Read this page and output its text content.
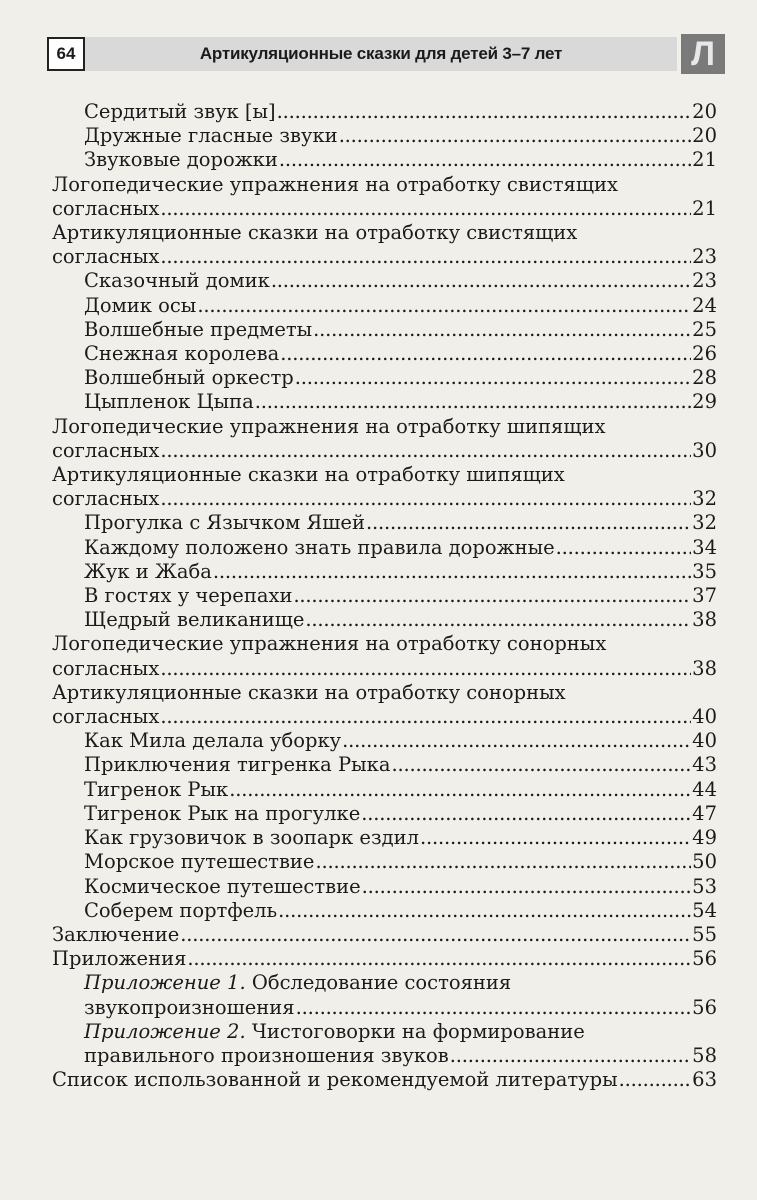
64	Артикуляционные сказки для детей 3–7 лет	Л
Сердитый звук [ы] . . .	20
Дружные гласные звуки . . .	20
Звуковые дорожки . . .	21
Логопедические упражнения на отработку свистящих
согласных . . .	21
Артикуляционные сказки на отработку свистящих
согласных . . .	23
Сказочный домик . . .	23
Домик осы . . .	24
Волшебные предметы . . .	25
Снежная королева . . .	26
Волшебный оркестр . . .	28
Цыпленок Цыпа . . .	29
Логопедические упражнения на отработку шипящих
согласных . . .	30
Артикуляционные сказки на отработку шипящих
согласных . . .	32
Прогулка с Язычком Яшей . . .	32
Каждому положено знать правила дорожные . . .	34
Жук и Жаба . . .	35
В гостях у черепахи . . .	37
Щедрый великанище . . .	38
Логопедические упражнения на отработку сонорных
согласных . . .	38
Артикуляционные сказки на отработку сонорных
согласных . . .	40
Как Мила делала уборку . . .	40
Приключения тигренка Рыка . . .	43
Тигренок Рык . . .	44
Тигренок Рык на прогулке . . .	47
Как грузовичок в зоопарк ездил . . .	49
Морское путешествие . . .	50
Космическое путешествие . . .	53
Соберем портфель . . .	54
Заключение . . .	55
Приложения . . .	56
Приложение 1. Обследование состояния
звукопроизношения . . .	56
Приложение 2. Чистоговорки на формирование
правильного произношения звуков . . .	58
Список использованной и рекомендуемой литературы . . .	63
